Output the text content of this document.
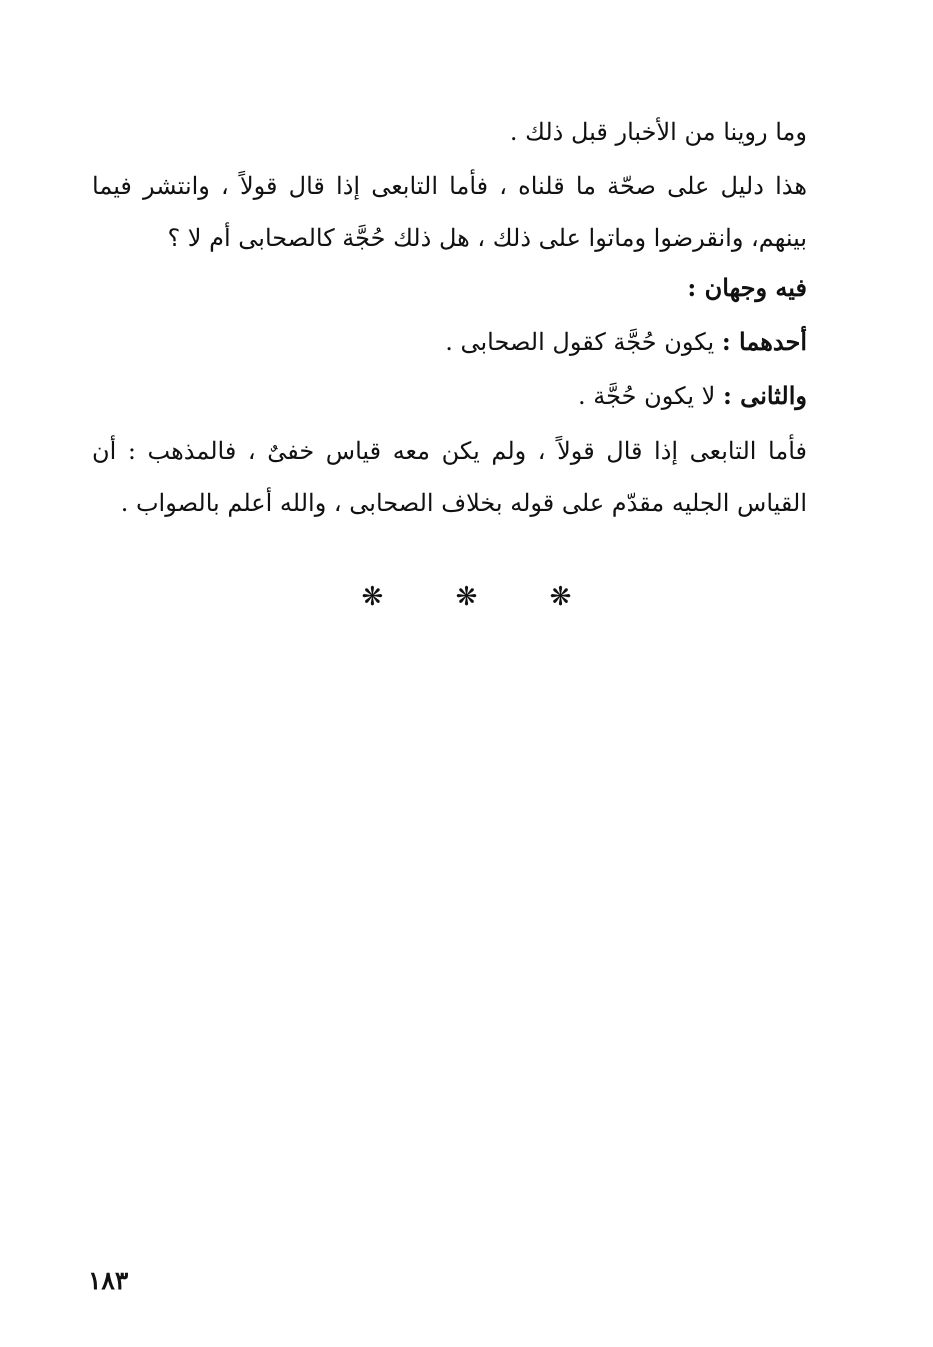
وما روينا من الأخبار قبل ذلك .

هذا دليل على صحّة ما قلناه ، فأما التابعى إذا قال قولاً ، وانتشر فيما بينهم، وانقرضوا وماتوا على ذلك ، هل ذلك حُجَّة كالصحابى أم لا ؟

فيه وجهان :

أحدهما : يكون حُجَّة كقول الصحابى .

والثانى : لا يكون حُجَّة .

فأما التابعى إذا قال قولاً ، ولم يكن معه قياس خفىٌ ، فالمذهب : أن القياس الجليه مقدّم على قوله بخلاف الصحابى ، والله أعلم بالصواب .

❋	❋	❋
١٨٣
